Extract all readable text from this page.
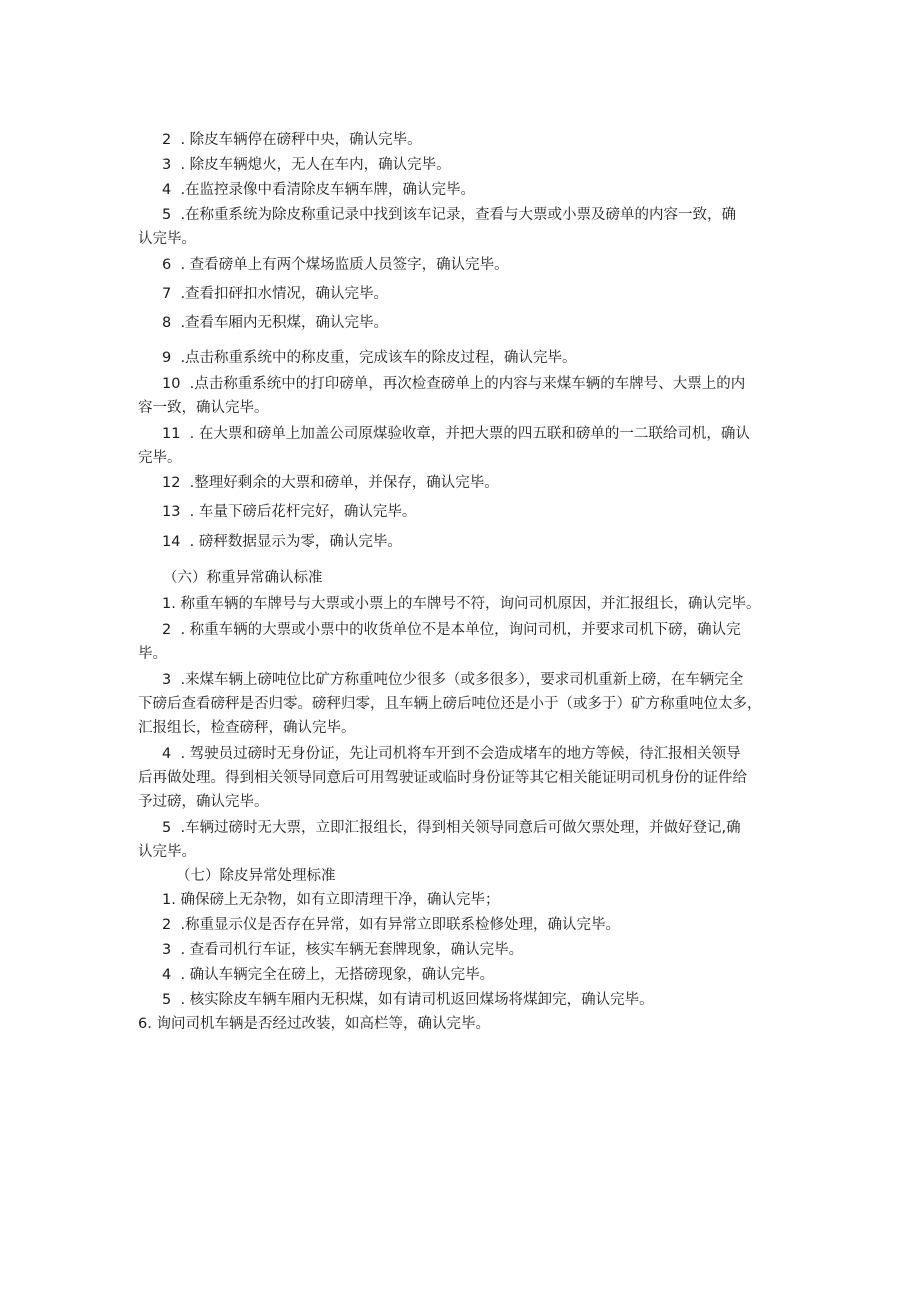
2  . 除皮车辆停在磅秤中央，确认完毕。
3  . 除皮车辆熄火，无人在车内，确认完毕。
4  .在监控录像中看清除皮车辆车牌，确认完毕。
5  .在称重系统为除皮称重记录中找到该车记录，查看与大票或小票及磅单的内容一致，确
认完毕。
6  . 查看磅单上有两个煤场监质人员签字，确认完毕。
7  .查看扣砰扣水情况，确认完毕。
8  .查看车厢内无积煤，确认完毕。
9  .点击称重系统中的称皮重，完成该车的除皮过程，确认完毕。
10  .点击称重系统中的打印磅单，再次检查磅单上的内容与来煤车辆的车牌号、大票上的内
容一致，确认完毕。
11  . 在大票和磅单上加盖公司原煤验收章，并把大票的四五联和磅单的一二联给司机，确认
完毕。
12  .整理好剩余的大票和磅单，并保存，确认完毕。
13  . 车量下磅后花杆完好，确认完毕。
14  . 磅秤数据显示为零，确认完毕。
（六）称重异常确认标准
1. 称重车辆的车牌号与大票或小票上的车牌号不符，询问司机原因，并汇报组长，确认完毕。
2  . 称重车辆的大票或小票中的收货单位不是本单位，询问司机，并要求司机下磅，确认完
毕。
3  .来煤车辆上磅吨位比矿方称重吨位少很多（或多很多），要求司机重新上磅，在车辆完全
下磅后查看磅秤是否归零。磅秤归零，且车辆上磅后吨位还是小于（或多于）矿方称重吨位太多，
汇报组长，检查磅秤，确认完毕。
4  . 驾驶员过磅时无身份证，先让司机将车开到不会造成堵车的地方等候，待汇报相关领导
后再做处理。得到相关领导同意后可用驾驶证或临时身份证等其它相关能证明司机身份的证件给
予过磅，确认完毕。
5  .车辆过磅时无大票，立即汇报组长，得到相关领导同意后可做欠票处理，并做好登记,确
认完毕。
（七）除皮异常处理标准
1. 确保磅上无杂物，如有立即清理干净，确认完毕；
2  .称重显示仪是否存在异常，如有异常立即联系检修处理，确认完毕。
3  . 查看司机行车证，核实车辆无套牌现象，确认完毕。
4  . 确认车辆完全在磅上，无搭磅现象，确认完毕。
5  . 核实除皮车辆车厢内无积煤，如有请司机返回煤场将煤卸完，确认完毕。
6. 询问司机车辆是否经过改装，如高栏等，确认完毕。
